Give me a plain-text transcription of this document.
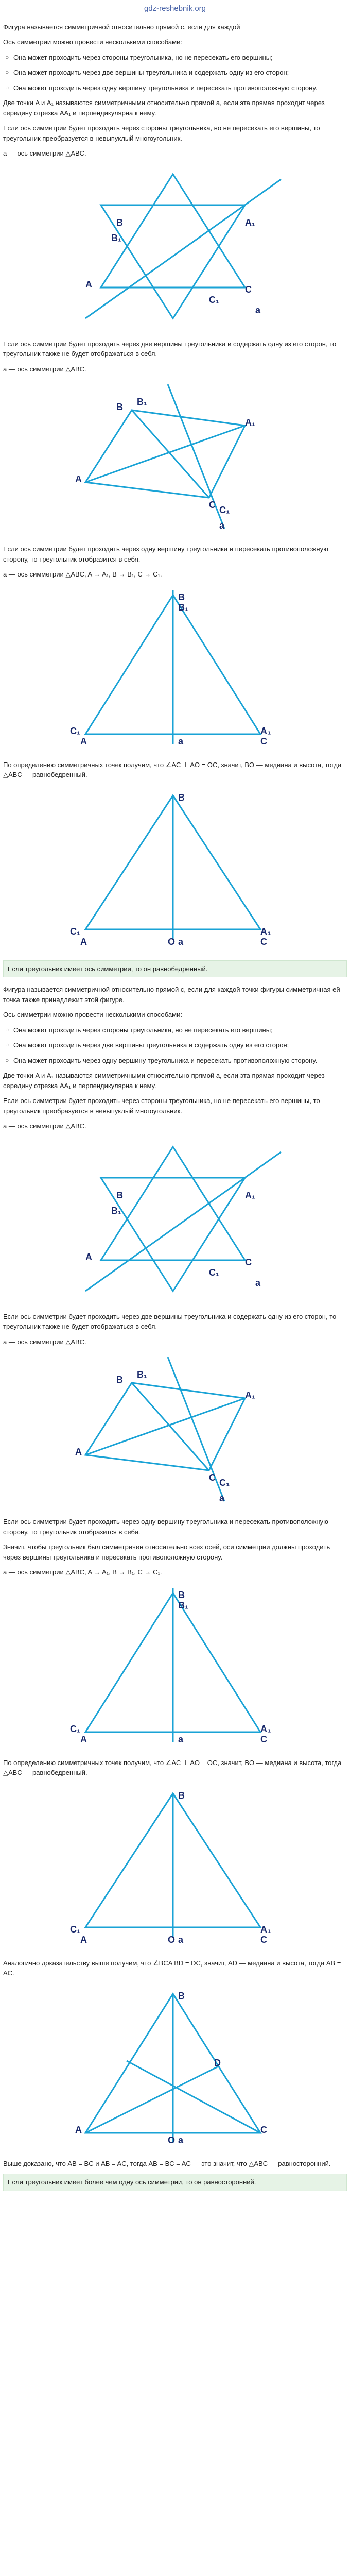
gdz-reshebnik.org

Фигура называется симметричной относительно прямой c, если для каждой

Ось симметрии можно провести несколькими способами:

○ Она может проходить через стороны треугольника, но не пересекать его вершины;
○ Она может проходить через две вершины треугольника и содержать одну из его сторон;
○ Она может проходить через одну вершину треугольника и пересекать противоположную сторону.

Две точки A и A₁ называются симметричными относительно прямой a, если эта прямая проходит через середину отрезка AA₁ и перпендикулярна к нему.

Если ось симметрии будет проходить через стороны треугольника, но не пересекать его вершины, то треугольник преобразуется в невыпуклый многоугольник.

a — ось симметрии △ABC.

A
B	A₁
B₁
C₁
C
a

Если ось симметрии будет проходить через две вершины треугольника и содержать одну из его сторон, то треугольник также не будет отображаться в себя.

a — ось симметрии △ABC.

A
B B₁
A₁
C C₁
a

Если ось симметрии будет проходить через одну вершину треугольника и пересекать противоположную сторону, то треугольник отобразится в себя.

a — ось симметрии △ABC, A → A₁, B → B₁, C → C₁.

B
B₁
C₁	A₁
A	C
a

По определению симметричных точек получим, что ∠AC ⊥ AO = OC, значит, BO — медиана и высота, тогда △ABC — равнобедренный.

B
C₁
A
A₁
C
O a
Если треугольник имеет ось симметрии, то он равнобедренный.

Фигура называется симметричной относительно прямой c, если для каждой точки фигуры симметричная ей точка также принадлежит этой фигуре.

Ось симметрии можно провести несколькими способами:

○ Она может проходить через стороны треугольника, но не пересекать его вершины;
○ Она может проходить через две вершины треугольника и содержать одну из его сторон;
○ Она может проходить через одну вершину треугольника и пересекать противоположную сторону.

Две точки A и A₁ называются симметричными относительно прямой a, если эта прямая проходит через середину отрезка AA₁ и перпендикулярна к нему.

Если ось симметрии будет проходить через стороны треугольника, но не пересекать его вершины, то треугольник преобразуется в невыпуклый многоугольник.

a — ось симметрии △ABC.

A
B
B₁
A₁
C₁
C
a

Если ось симметрии будет проходить через две вершины треугольника и содержать одну из его сторон, то треугольник также не будет отображаться в себя.

a — ось симметрии △ABC.

A
B B₁
A₁
C C₁
a

Если ось симметрии будет проходить через одну вершину треугольника и пересекать противоположную сторону, то треугольник отобразится в себя.

Значит, чтобы треугольник был симметричен относительно всех осей, оси симметрии должны проходить через вершины треугольника и пересекать противоположную сторону.

a — ось симметрии △ABC, A → A₁, B → B₁, C → C₁.

B
B₁
C₁	A₁
A	C
a

По определению симметричных точек получим, что ∠AC ⊥ AO = OC, значит, BO — медиана и высота, тогда △ABC — равнобедренный.

B
C₁
A
A₁
C
O a

Аналогично доказательству выше получим, что ∠BCA BD = DC, значит, AD — медиана и высота, тогда AB = AC.

B
D
A	C
O a

Выше доказано, что AB = BC и AB = AC, тогда AB = BC = AC — это значит, что △ABC — равносторонний.

Если треугольник имеет более чем одну ось симметрии, то он равносторонний.
